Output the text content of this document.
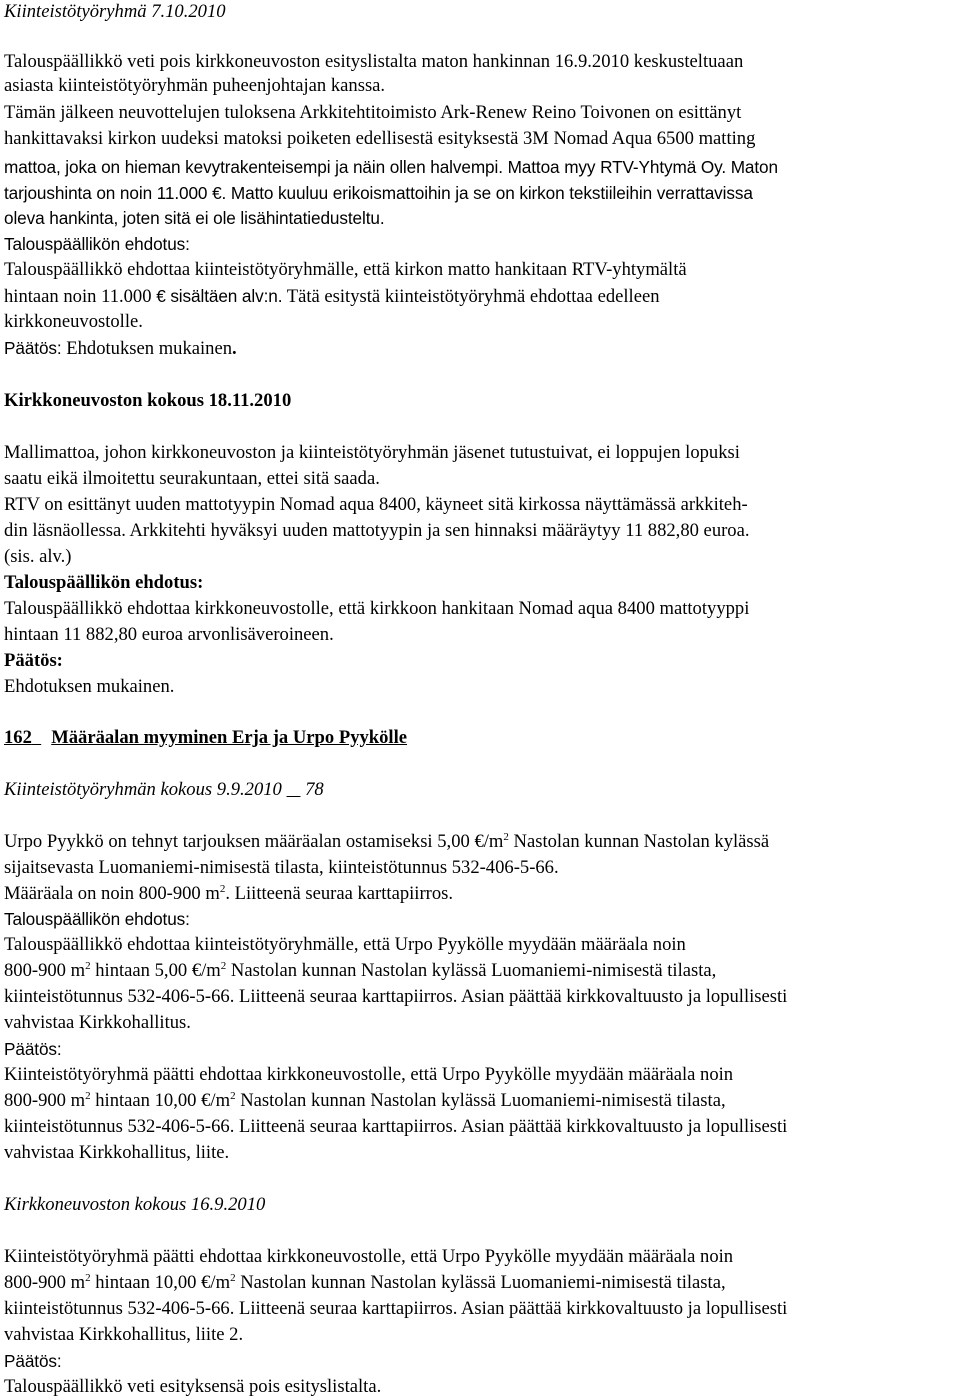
Kiinteistötyöryhmä 7.10.2010
Talouspäällikkö veti pois kirkkoneuvoston esityslistalta maton hankinnan 16.9.2010 keskusteltuaan
asiasta kiinteistötyöryhmän puheenjohtajan kanssa.
Tämän jälkeen neuvottelujen tuloksena Arkkitehtitoimisto Ark-Renew Reino Toivonen on esittänyt
hankittavaksi kirkon uudeksi matoksi poiketen edellisestä esityksestä 3M Nomad Aqua 6500 matting
mattoa, joka on hieman kevytrakenteisempi ja näin ollen halvempi. Mattoa myy RTV-Yhtymä Oy. Maton
tarjoushinta on noin 11.000 €. Matto kuuluu erikoismattoihin ja se on kirkon tekstiileihin verrattavissa
oleva hankinta, joten sitä ei ole lisähintatiedusteltu.
Talouspäällikön ehdotus:
Talouspäällikkö ehdottaa kiinteistötyöryhmälle, että kirkon matto hankitaan RTV-yhtymältä
hintaan noin 11.000 € sisältäen alv:n. Tätä esitystä kiinteistötyöryhmä ehdottaa edelleen
kirkkoneuvostolle.
Päätös: Ehdotuksen mukainen.
Kirkkoneuvoston kokous 18.11.2010
Mallimattoa, johon kirkkoneuvoston ja kiinteistötyöryhmän jäsenet tutustuivat, ei loppujen lopuksi
saatu eikä ilmoitettu seurakuntaan, ettei sitä saada.
RTV on esittänyt uuden mattotyypin Nomad aqua 8400, käyneet sitä kirkossa näyttämässä arkkiteh-
din läsnäollessa. Arkkitehti hyväksyi uuden mattotyypin ja sen hinnaksi määräytyy 11 882,80 euroa.
(sis. alv.)
Talouspäällikön ehdotus:
Talouspäällikkö ehdottaa kirkkoneuvostolle, että kirkkoon hankitaan Nomad aqua 8400 mattotyyppi
hintaan 11 882,80 euroa arvonlisäveroineen.
Päätös:
Ehdotuksen mukainen.
162 Määräalan myyminen Erja ja Urpo Pyykölle
Kiinteistötyöryhmän kokous 9.9.2010 78
Urpo Pyykkö on tehnyt tarjouksen määräalan ostamiseksi 5,00 $€/m^2$ Nastolan kunnan Nastolan kylässä
sijaitsevasta Luomaniemi-nimisestä tilasta, kiinteistötunnus 532-406-5-66.
Määräala on noin 800-900 $m^2$. Liitteenä seuraa karttapiirros.
Talouspäällikön ehdotus:
Talouspäällikkö ehdottaa kiinteistötyöryhmälle, että Urpo Pyykölle myydään määräala noin
800-900 $m^2$ hintaan 5,00 $€/m^2$ Nastolan kunnan Nastolan kylässä Luomaniemi-nimisestä tilasta,
kiinteistötunnus 532-406-5-66. Liitteenä seuraa karttapiirros. Asian päättää kirkkovaltuusto ja lopullisesti
vahvistaa Kirkkohallitus.
Päätös:
Kiinteistötyöryhmä päätti ehdottaa kirkkoneuvostolle, että Urpo Pyykölle myydään määräala noin
800-900 $m^2$ hintaan 10,00 $€/m^2$ Nastolan kunnan Nastolan kylässä Luomaniemi-nimisestä tilasta,
kiinteistötunnus 532-406-5-66. Liitteenä seuraa karttapiirros. Asian päättää kirkkovaltuusto ja lopullisesti
vahvistaa Kirkkohallitus, liite.
Kirkkoneuvoston kokous 16.9.2010
Kiinteistötyöryhmä päätti ehdottaa kirkkoneuvostolle, että Urpo Pyykölle myydään määräala noin
800-900 $m^2$ hintaan 10,00 $€/m^2$ Nastolan kunnan Nastolan kylässä Luomaniemi-nimisestä tilasta,
kiinteistötunnus 532-406-5-66. Liitteenä seuraa karttapiirros. Asian päättää kirkkovaltuusto ja lopullisesti
vahvistaa Kirkkohallitus, liite 2.
Päätös:
Talouspäällikkö veti esityksensä pois esityslistalta.
